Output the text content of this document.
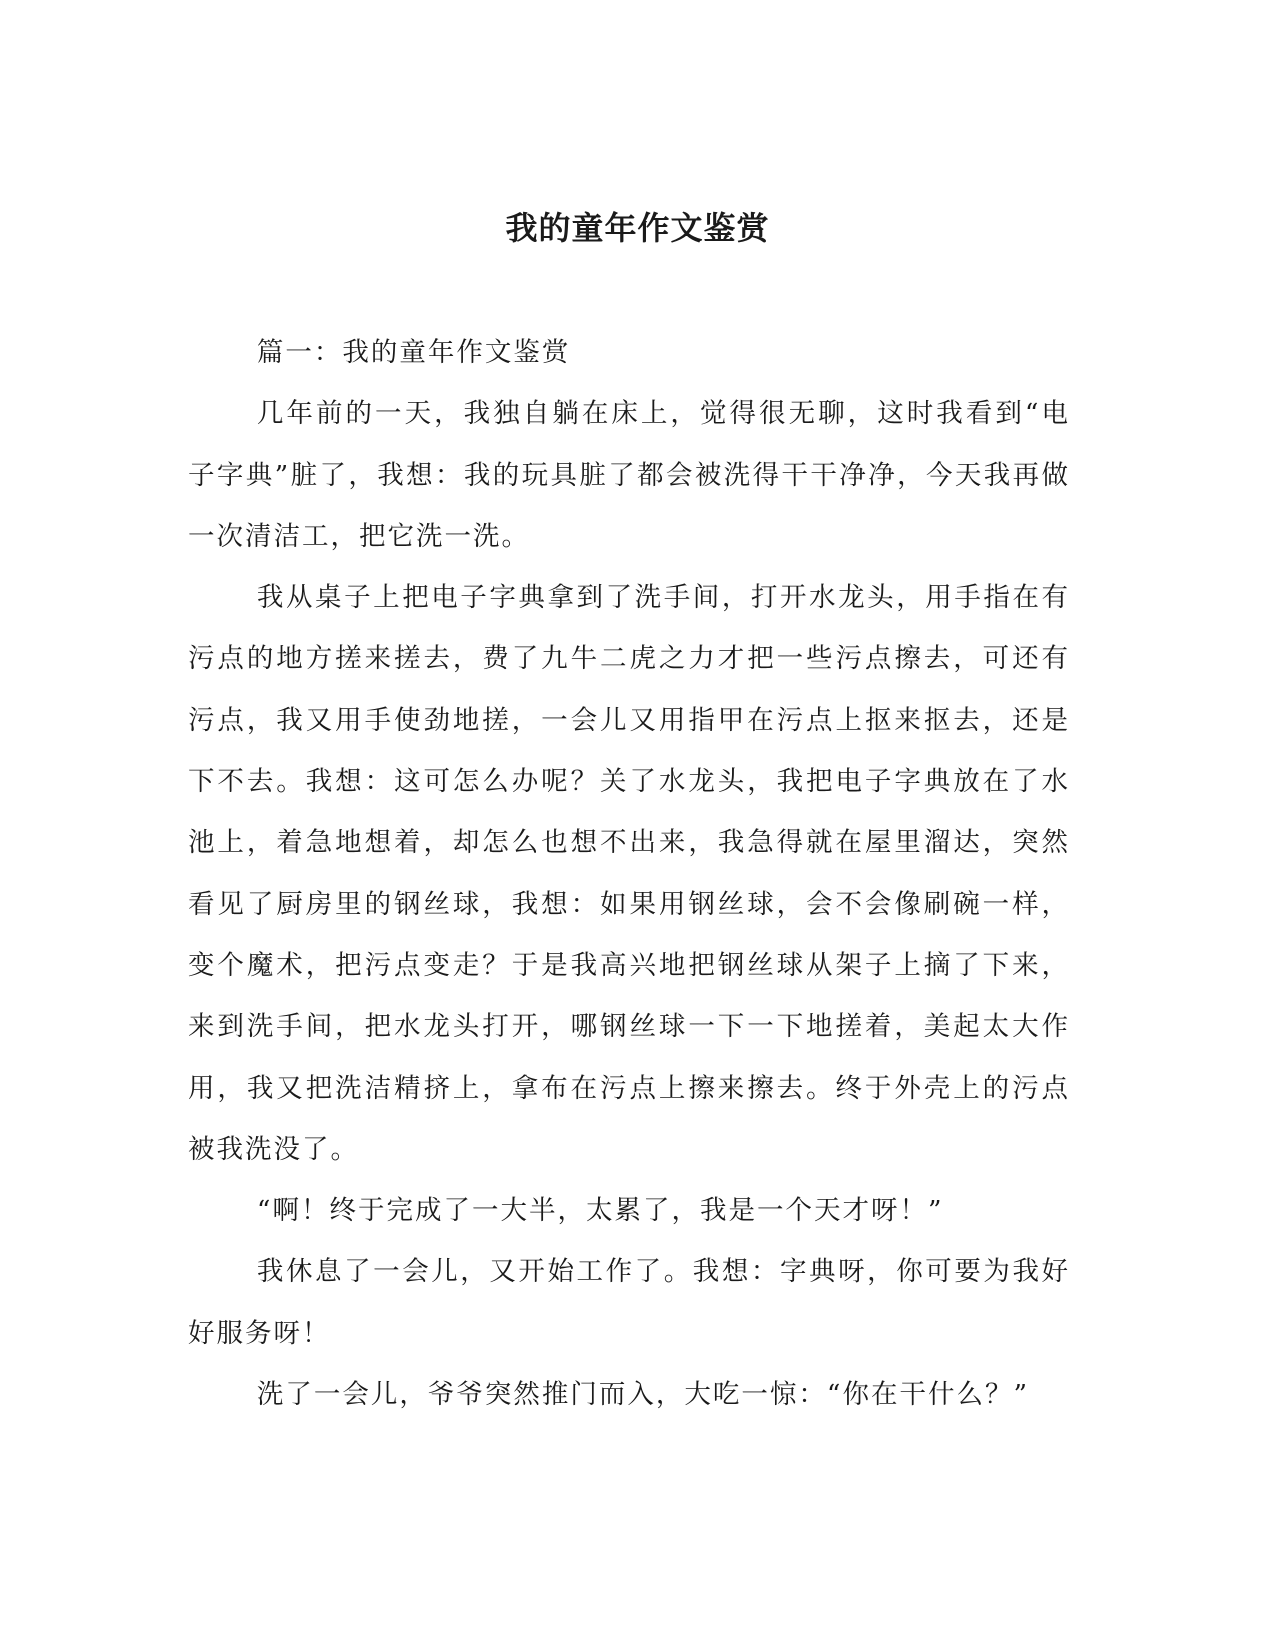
我的童年作文鉴赏

篇一：我的童年作文鉴赏

几年前的一天，我独自躺在床上，觉得很无聊，这时我看到“电子字典”脏了，我想：我的玩具脏了都会被洗得干干净净，今天我再做一次清洁工，把它洗一洗。

我从桌子上把电子字典拿到了洗手间，打开水龙头，用手指在有污点的地方搓来搓去，费了九牛二虎之力才把一些污点擦去，可还有污点，我又用手使劲地搓，一会儿又用指甲在污点上抠来抠去，还是下不去。我想：这可怎么办呢？关了水龙头，我把电子字典放在了水池上，着急地想着，却怎么也想不出来，我急得就在屋里溜达，突然看见了厨房里的钢丝球，我想：如果用钢丝球，会不会像刷碗一样，变个魔术，把污点变走？于是我高兴地把钢丝球从架子上摘了下来，来到洗手间，把水龙头打开，哪钢丝球一下一下地搓着，美起太大作用，我又把洗洁精挤上，拿布在污点上擦来擦去。终于外壳上的污点被我洗没了。

“啊！终于完成了一大半，太累了，我是一个天才呀！”

我休息了一会儿，又开始工作了。我想：字典呀，你可要为我好好服务呀！

洗了一会儿，爷爷突然推门而入，大吃一惊：“你在干什么？”
